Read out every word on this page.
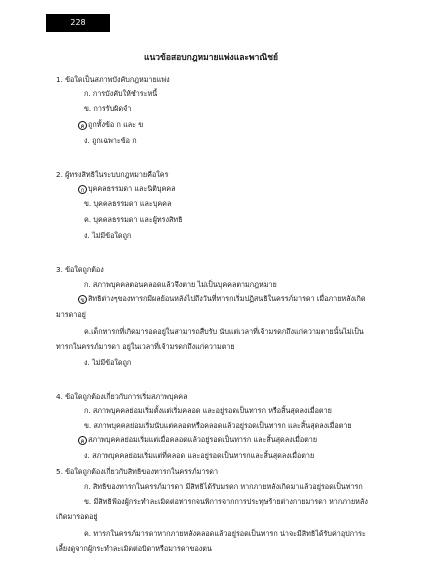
228
แนวข้อสอบกฎหมายแพ่งและพาณิชย์
1. ข้อใดเป็นสภาพบังคับกฎหมายแพ่ง
ก. การบังคับให้ชำระหนี้
ข. การรับผิดจำ
ค ถูกทั้งข้อ ก และ ข
ง. ถูกเฉพาะข้อ ก
2. ผู้ทรงสิทธิในระบบกฎหมายคือใคร
ก บุคคลธรรมดา และนิติบุคคล
ข. บุคคลธรรมดา และบุคคล
ค. บุคคลธรรมดา และผู้ทรงสิทธิ
ง. ไม่มีข้อใดถูก
3. ข้อใดถูกต้อง
ก. สภาพบุคคลตอนคลอดแล้วจึงตาย ไม่เป็นบุคคลตามกฎหมาย
ข สิทธิต่างๆของทารกมีผลย้อนหลังไปถึงวันที่ทารกเริ่มปฏิสนธิในครรภ์มารดา เมื่อภายหลังเกิด
มารดาอยู่
ค.เด็กทารกที่เกิดมารอดอยู่ในสามารถสืบรับ นับแต่เวลาที่เจ้ามรดกถึงแก่ความตายนั้นไม่เป็น
ทารกในครรภ์มารดา อยู่ในเวลาที่เจ้ามรดกถึงแก่ความตาย
ง. ไม่มีข้อใดถูก
4. ข้อใดถูกต้องเกี่ยวกับการเริ่มสภาพบุคคล
ก. สภาพบุคคลย่อมเริ่มตั้งแต่เริ่มคลอด และอยู่รอดเป็นทารก หรือสิ้นสุดลงเมื่อตาย
ข. สภาพบุคคลย่อมเริ่มนับแต่คลอดหรือคลอดแล้วอยู่รอดเป็นทารก และสิ้นสุดลงเมื่อตาย
ค สภาพบุคคลย่อมเริ่มแต่เมื่อคลอดแล้วอยู่รอดเป็นทารก และสิ้นสุดลงเมื่อตาย
ง. สภาพบุคคลย่อมเริ่มแต่ที่คลอด และอยู่รอดเป็นทารกและสิ้นสุดลงเมื่อตาย
5. ข้อใดถูกต้องเกี่ยวกับสิทธิของทารกในครรภ์มารดา
ก. สิทธิของทารกในครรภ์มารดา มีสิทธิได้รับมรดก หากภายหลังเกิดมาแล้วอยู่รอดเป็นทารก
ข. มีสิทธิฟ้องผู้กระทำละเมิดต่อทารกจนพิการจากการประทุษร้ายต่างกายมารดา หากภายหลัง
เกิดมารอดอยู่
ค. ทารกในครรภ์มารดาหากภายหลังคลอดแล้วอยู่รอดเป็นทารก น่าจะมีสิทธิได้รับค่าอุปการะ
เลี้ยงดูจากผู้กระทำละเมิดต่อบิดาหรือมารดาของตน
